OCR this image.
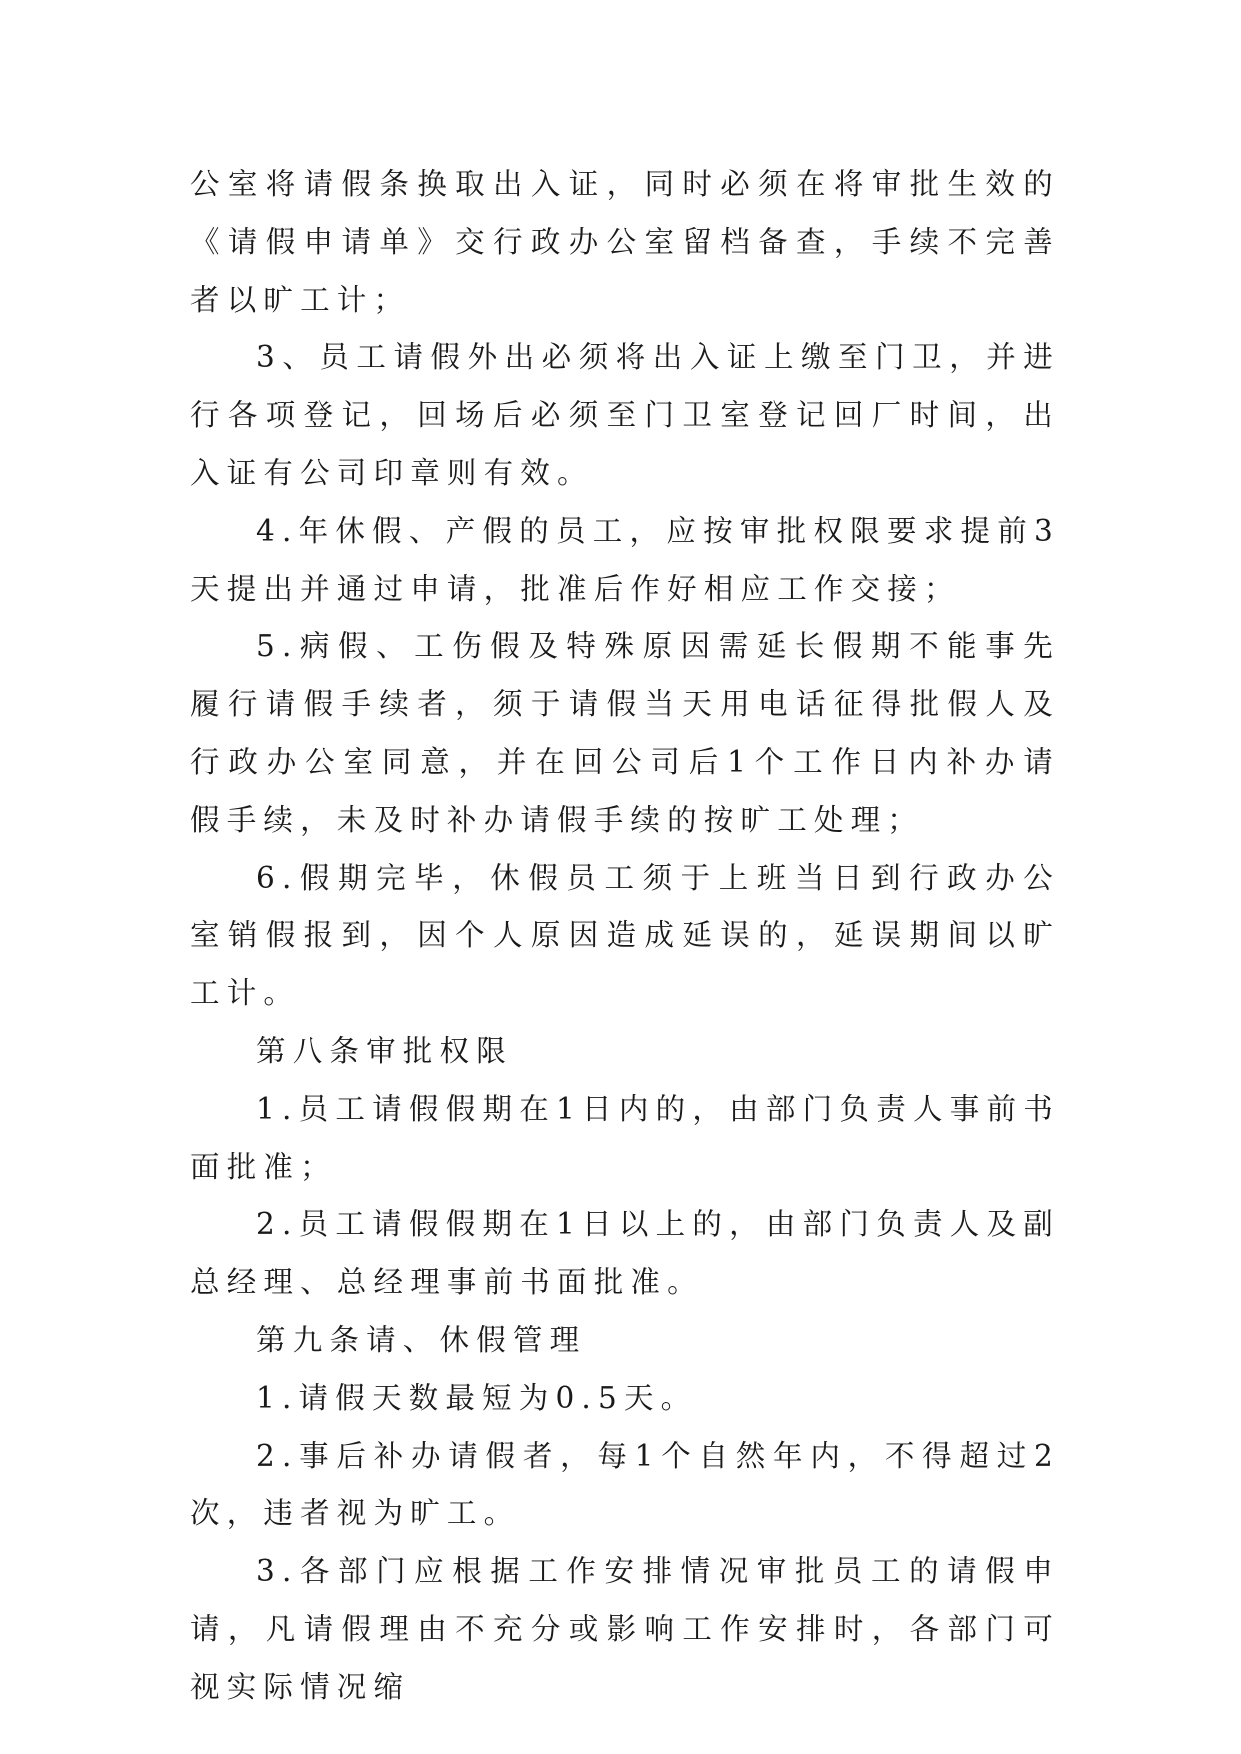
公室将请假条换取出入证，同时必须在将审批生效的《请假申请单》交行政办公室留档备查，手续不完善者以旷工计；

3、员工请假外出必须将出入证上缴至门卫，并进行各项登记，回场后必须至门卫室登记回厂时间，出入证有公司印章则有效。

4.年休假、产假的员工，应按审批权限要求提前3天提出并通过申请，批准后作好相应工作交接；

5.病假、工伤假及特殊原因需延长假期不能事先履行请假手续者，须于请假当天用电话征得批假人及行政办公室同意，并在回公司后1个工作日内补办请假手续，未及时补办请假手续的按旷工处理；

6.假期完毕，休假员工须于上班当日到行政办公室销假报到，因个人原因造成延误的，延误期间以旷工计。

第八条审批权限

1.员工请假假期在1日内的，由部门负责人事前书面批准；

2.员工请假假期在1日以上的，由部门负责人及副总经理、总经理事前书面批准。

第九条请、休假管理

1.请假天数最短为0.5天。

2.事后补办请假者，每1个自然年内，不得超过2次，违者视为旷工。

3.各部门应根据工作安排情况审批员工的请假申请，凡请假理由不充分或影响工作安排时，各部门可视实际情况缩
